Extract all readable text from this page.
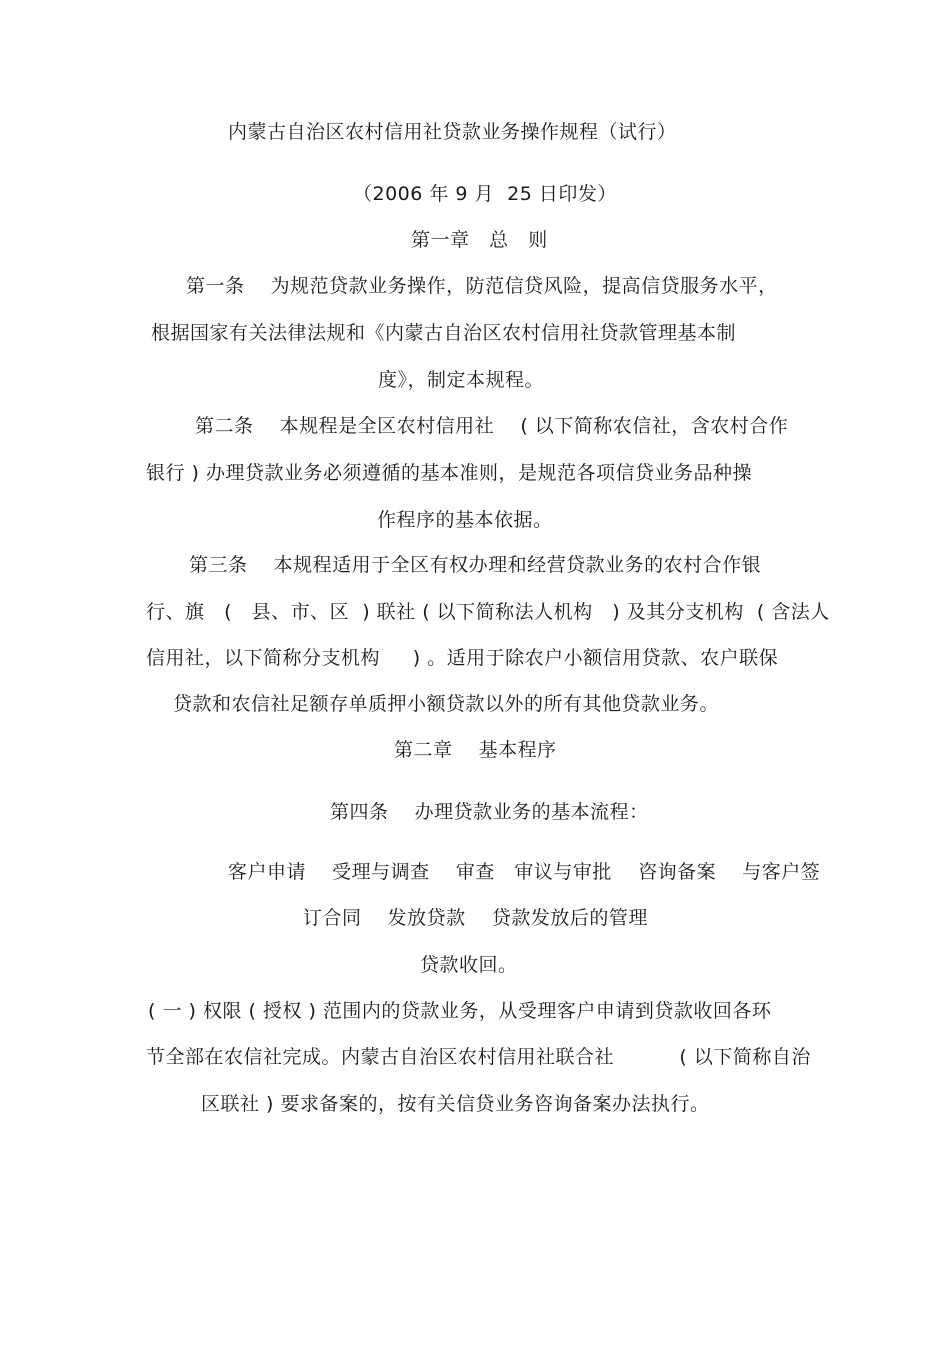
内蒙古自治区农村信用社贷款业务操作规程（试行）
（2006 年 9 月  25 日印发）
第一章   总   则
第一条    为规范贷款业务操作，防范信贷风险，提高信贷服务水平，
根据国家有关法律法规和《内蒙古自治区农村信用社贷款管理基本制
度》，制定本规程。
第二条    本规程是全区农村信用社    ( 以下简称农信社，含农村合作
银行 ) 办理贷款业务必须遵循的基本准则，是规范各项信贷业务品种操
作程序的基本依据。
第三条    本规程适用于全区有权办理和经营贷款业务的农村合作银
行、旗   (   县、市、区  ) 联社 ( 以下简称法人机构   ) 及其分支机构  ( 含法人
信用社，以下简称分支机构     ) 。适用于除农户小额信用贷款、农户联保
贷款和农信社足额存单质押小额贷款以外的所有其他贷款业务。
第二章    基本程序
第四条    办理贷款业务的基本流程：
客户申请    受理与调查    审查   审议与审批    咨询备案    与客户签
订合同    发放贷款    贷款发放后的管理
贷款收回。
( 一 ) 权限 ( 授权 ) 范围内的贷款业务，从受理客户申请到贷款收回各环
节全部在农信社完成。内蒙古自治区农村信用社联合社          ( 以下简称自治
区联社 ) 要求备案的，按有关信贷业务咨询备案办法执行。
